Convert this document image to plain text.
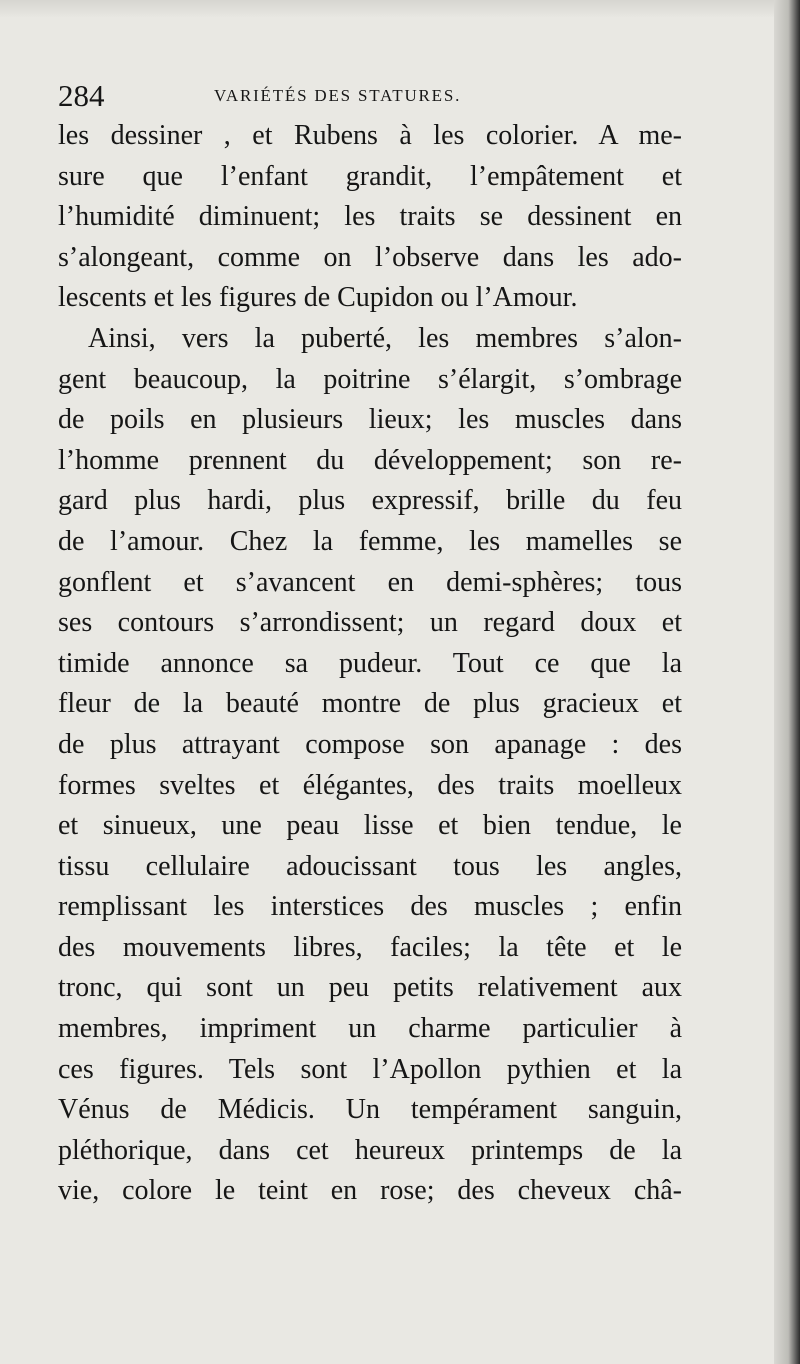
284	VARIÉTÉS DES STATURES.
les dessiner , et Rubens à les colorier. A me-
sure que l’enfant grandit, l’empâtement et
l’humidité diminuent; les traits se dessinent en
s’alongeant, comme on l’observe dans les ado-
lescents et les figures de Cupidon ou l’Amour.
Ainsi, vers la puberté, les membres s’alon-
gent beaucoup, la poitrine s’élargit, s’ombrage
de poils en plusieurs lieux; les muscles dans
l’homme prennent du développement; son re-
gard plus hardi, plus expressif, brille du feu
de l’amour. Chez la femme, les mamelles se
gonflent et s’avancent en demi-sphères; tous
ses contours s’arrondissent; un regard doux et
timide annonce sa pudeur. Tout ce que la
fleur de la beauté montre de plus gracieux et
de plus attrayant compose son apanage : des
formes sveltes et élégantes, des traits moelleux
et sinueux, une peau lisse et bien tendue, le
tissu cellulaire adoucissant tous les angles,
remplissant les interstices des muscles ; enfin
des mouvements libres, faciles; la tête et le
tronc, qui sont un peu petits relativement aux
membres, impriment un charme particulier à
ces figures. Tels sont l’Apollon pythien et la
Vénus de Médicis. Un tempérament sanguin,
pléthorique, dans cet heureux printemps de la
vie, colore le teint en rose; des cheveux châ-
